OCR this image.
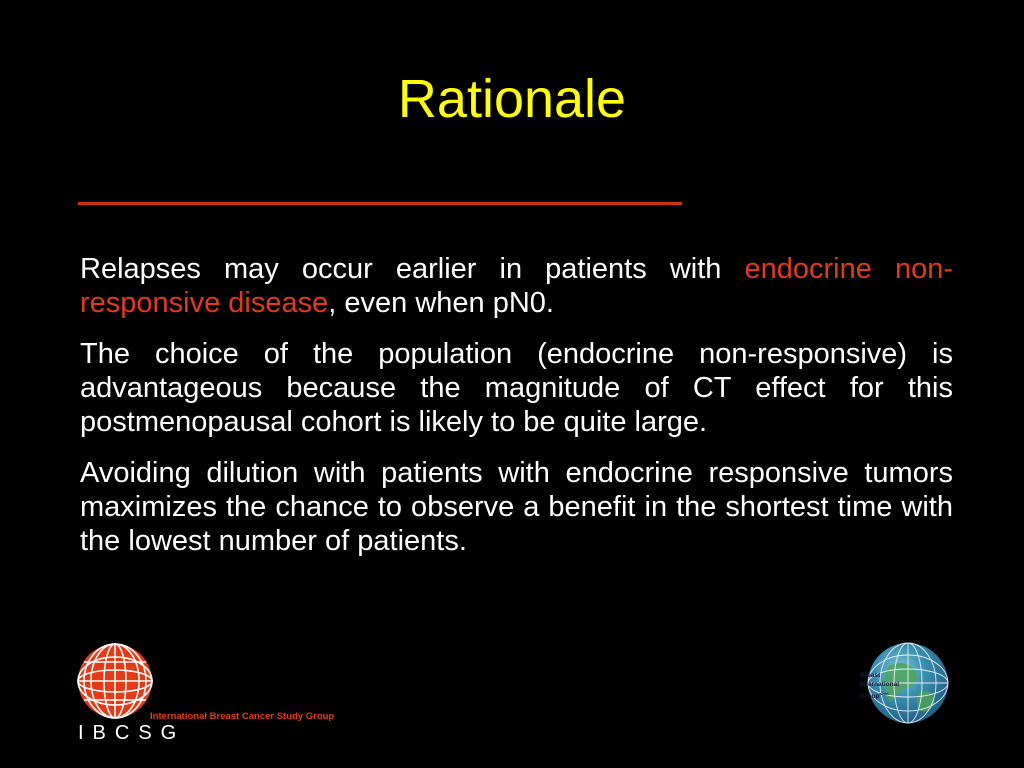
Rationale

Relapses may occur earlier in patients with endocrine non-responsive disease, even when pN0.

The choice of the population (endocrine non-responsive) is advantageous because the magnitude of CT effect for this postmenopausal cohort is likely to be quite large.

Avoiding dilution with patients with endocrine responsive tumors maximizes the chance to observe a benefit in the shortest time with the lowest number of patients.

International Breast Cancer Study Group
IBCSG
Breast
International
Group$^{aisbl}$
